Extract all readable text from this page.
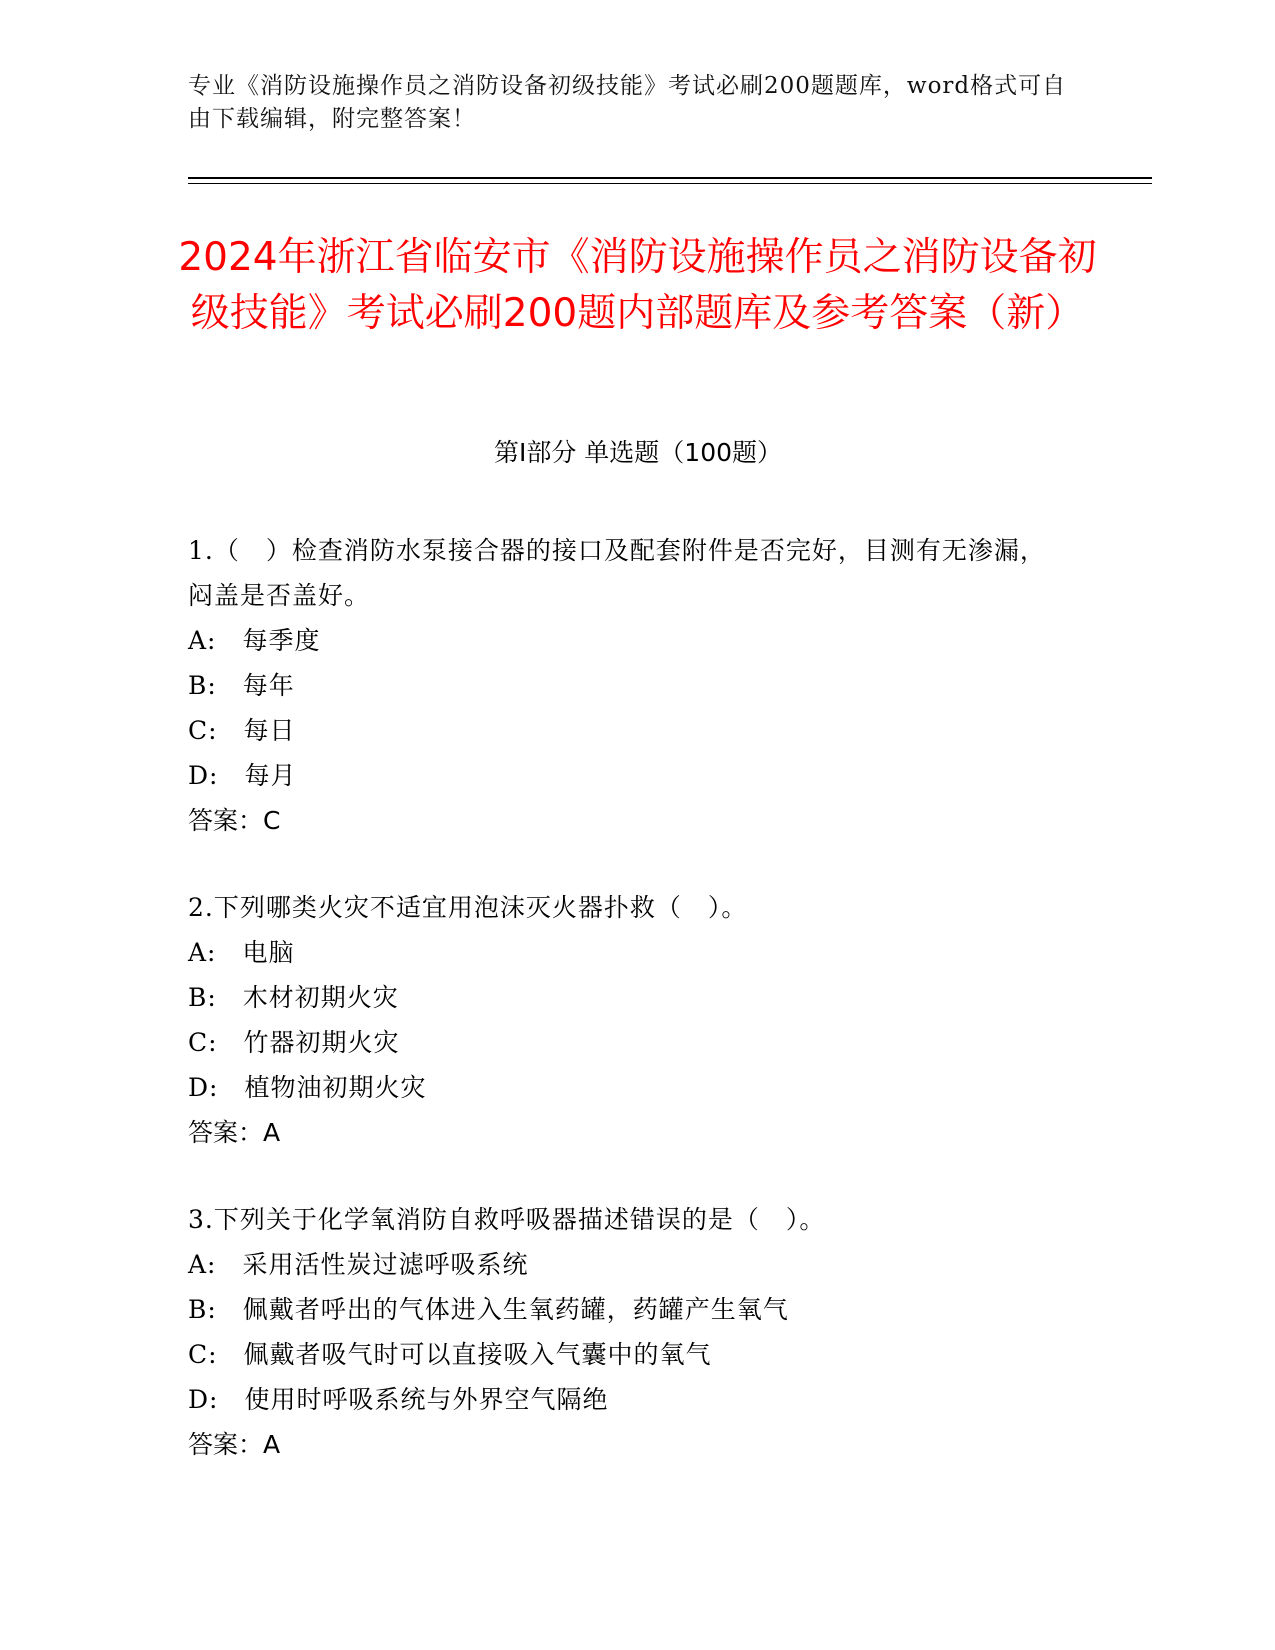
专业《消防设施操作员之消防设备初级技能》考试必刷200题题库，word格式可自由下载编辑，附完整答案！
2024年浙江省临安市《消防设施操作员之消防设备初级技能》考试必刷200题内部题库及参考答案（新）
第Ⅰ部分 单选题（100题）

1.（　）检查消防水泵接合器的接口及配套附件是否完好，目测有无渗漏，闷盖是否盖好。

A:　每季度

B:　每年

C:　每日

D:　每月

答案：C

2.下列哪类火灾不适宜用泡沫灭火器扑救（　）。

A:　电脑

B:　木材初期火灾

C:　竹器初期火灾

D:　植物油初期火灾

答案：A

3.下列关于化学氧消防自救呼吸器描述错误的是（　）。

A:　采用活性炭过滤呼吸系统

B:　佩戴者呼出的气体进入生氧药罐，药罐产生氧气

C:　佩戴者吸气时可以直接吸入气囊中的氧气

D:　使用时呼吸系统与外界空气隔绝

答案：A
